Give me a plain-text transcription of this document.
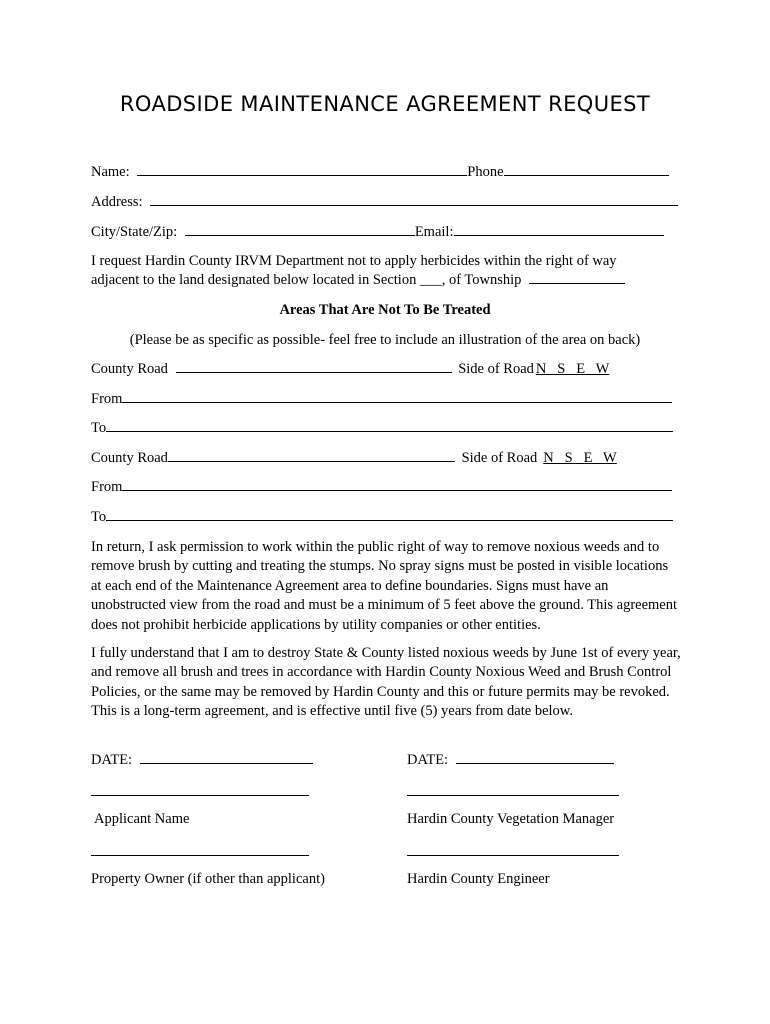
ROADSIDE MAINTENANCE AGREEMENT REQUEST
Name:	Phone
Address:
City/State/Zip:	Email:
I request Hardin County IRVM Department not to apply herbicides within the right of way
adjacent to the land designated below located in Section ___, of Township
Areas That Are Not To Be Treated
(Please be as specific as possible- feel free to include an illustration of the area on back)
County Road	Side of Road N   S   E   W
From
To
County Road	Side of Road N   S   E   W
From
To
In return, I ask permission to work within the public right of way to remove noxious weeds and to remove brush by cutting and treating the stumps. No spray signs must be posted in visible locations at each end of the Maintenance Agreement area to define boundaries. Signs must have an unobstructed view from the road and must be a minimum of 5 feet above the ground. This agreement does not prohibit herbicide applications by utility companies or other entities.
I fully understand that I am to destroy State & County listed noxious weeds by June 1st of every year, and remove all brush and trees in accordance with Hardin County Noxious Weed and Brush Control Policies, or the same may be removed by Hardin County and this or future permits may be revoked. This is a long-term agreement, and is effective until five (5) years from date below.
DATE:	DATE:
Applicant Name	Hardin County Vegetation Manager
Property Owner (if other than applicant)	Hardin County Engineer
